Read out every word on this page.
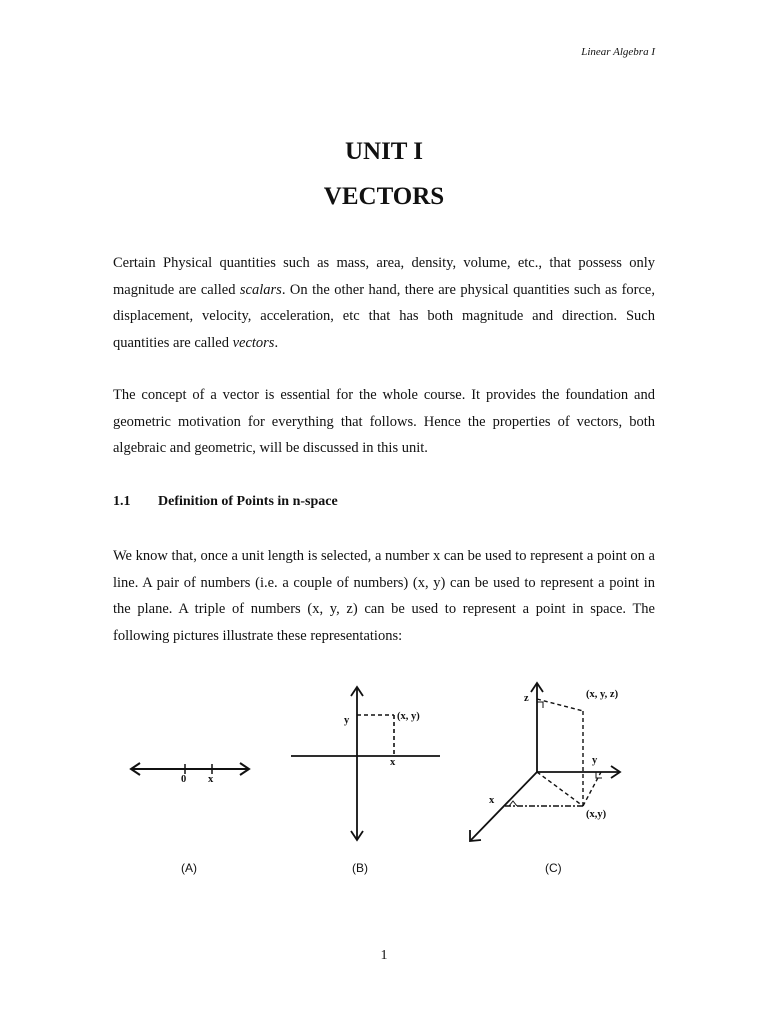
Linear Algebra I
UNIT I
VECTORS

Certain Physical quantities such as mass, area, density, volume, etc., that possess only magnitude are called scalars. On the other hand, there are physical quantities such as force, displacement, velocity, acceleration, etc that has both magnitude and direction. Such quantities are called vectors.

The concept of a vector is essential for the whole course. It provides the foundation and geometric motivation for everything that follows. Hence the properties of vectors, both algebraic and geometric, will be discussed in this unit.

1.1 Definition of Points in n-space

We know that, once a unit length is selected, a number x can be used to represent a point on a line. A pair of numbers (i.e. a couple of numbers) (x, y) can be used to represent a point in the plane. A triple of numbers (x, y, z) can be used to represent a point in space. The following pictures illustrate these representations:

0 x
y
x
(x, y)
z
y
x
(x, y, z)
(x,y)
(A)	(B)	(C)
1
